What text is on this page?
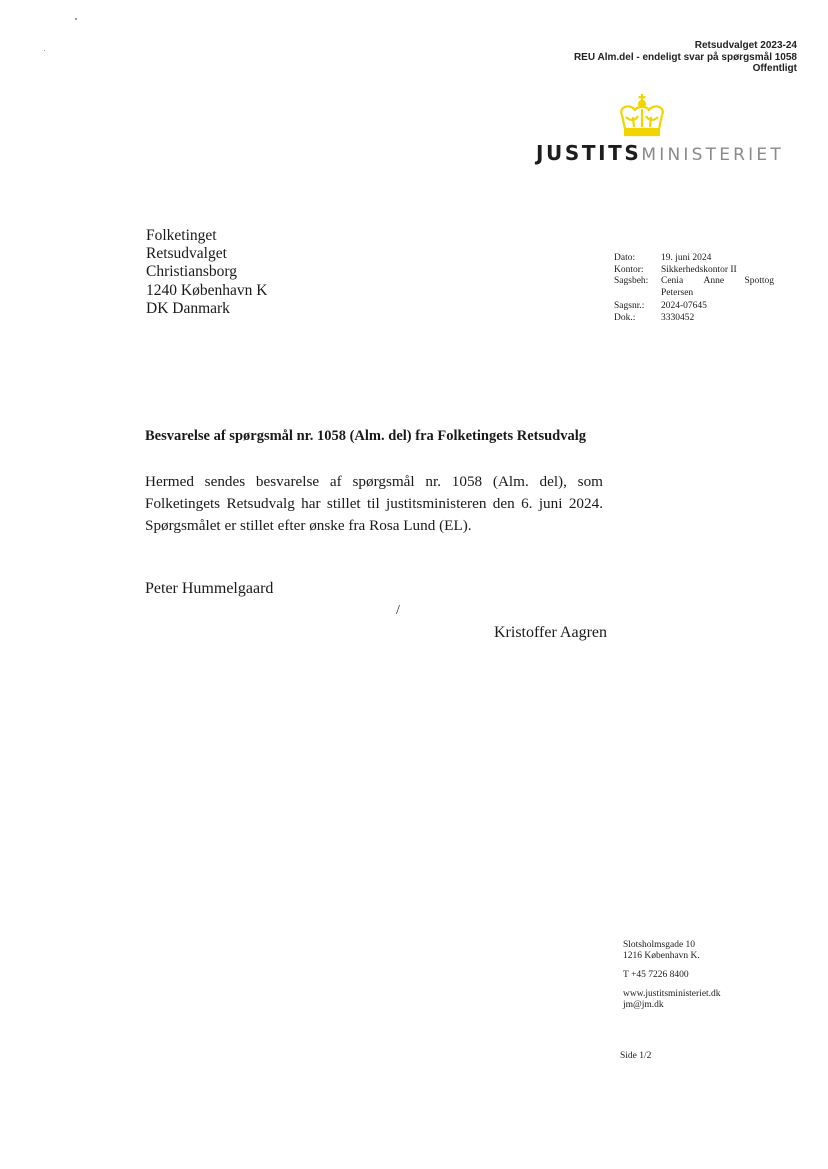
Retsudvalget 2023-24
REU Alm.del - endeligt svar på spørgsmål 1058
Offentligt
JUSTITSMINISTERIET
Folketinget
Retsudvalget
Christiansborg
1240 København K
DK Danmark
Dato:	19. juni 2024
Kontor:	Sikkerhedskontor II
Sagsbeh:	Cenia Anne Spottog
Petersen
Sagsnr.:	2024-07645
Dok.:	3330452
Besvarelse af spørgsmål nr. 1058 (Alm. del) fra Folketingets Retsudvalg
Hermed sendes besvarelse af spørgsmål nr. 1058 (Alm. del), som
Folketingets Retsudvalg har stillet til justitsministeren den 6. juni 2024.
Spørgsmålet er stillet efter ønske fra Rosa Lund (EL).
Peter Hummelgaard
/
Kristoffer Aagren
Slotsholmsgade 10
1216 København K.
T +45 7226 8400
www.justitsministeriet.dk
jm@jm.dk
Side 1/2
